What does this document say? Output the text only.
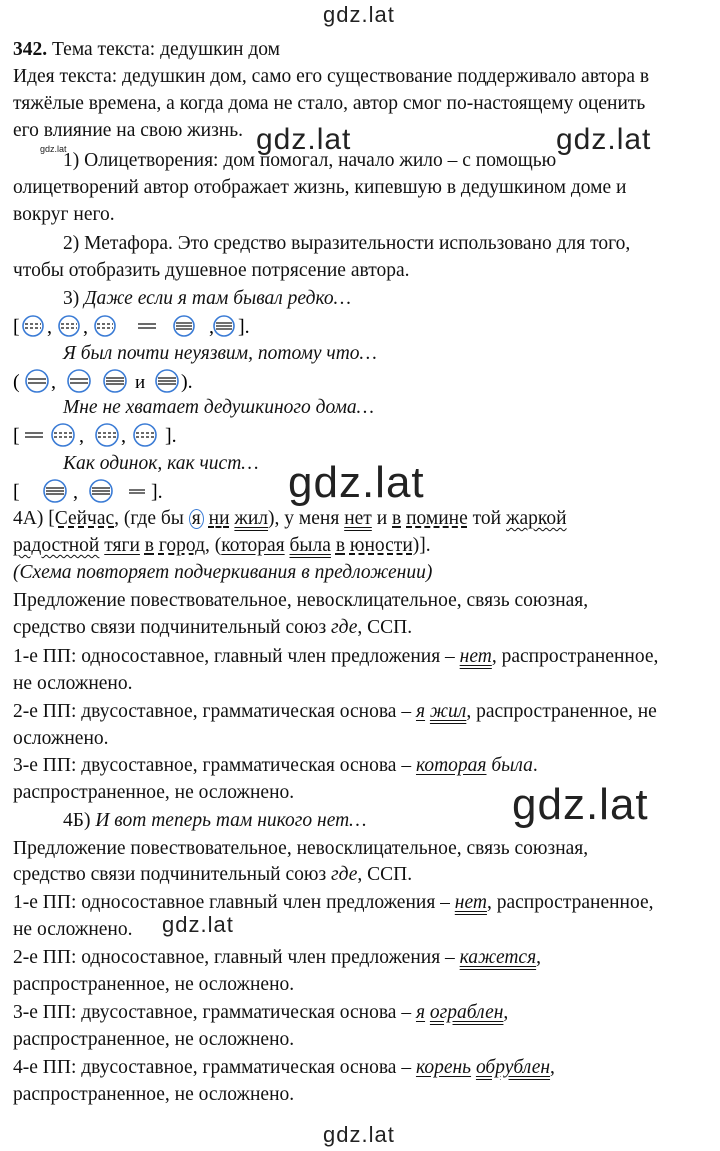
gdz.lat
gdz.lat	gdz.lat
gdz.lat
gdz.lat
gdz.lat
gdz.lat
gdz.lat
342. Тема текста: дедушкин дом
Идея текста: дедушкин дом, само его существование поддерживало автора в
тяжёлые времена, а когда дома не стало, автор смог по-настоящему оценить
его влияние на свою жизнь.
1) Олицетворения: дом помогал, начало жило – с помощью
олицетворений автор отображает жизнь, кипевшую в дедушкином доме и
вокруг него.
2) Метафора. Это средство выразительности использовано для того,
чтобы отобразить душевное потрясение автора.
3) Даже если я там бывал редко…
[ , ,	, ].
Я был почти неуязвим, потому что…
( ,	и ).
Мне не хватает дедушкиного дома…
[	, , ].
Как одинок, как чист…
[	,	].
4А) [Сейчас, (где бы я ни жил), у меня нет и в помине той жаркой
радостной тяги в город, (которая была в юности)].
(Схема повторяет подчеркивания в предложении)
Предложение повествовательное, невосклицательное, связь союзная,
средство связи подчинительный союз где, ССП.
1-е ПП: односоставное, главный член предложения – нет, распространенное,
не осложнено.
2-е ПП: двусоставное, грамматическая основа – я жил, распространенное, не
осложнено.
3-е ПП: двусоставное, грамматическая основа – которая была.
распространенное, не осложнено.
4Б) И вот теперь там никого нет…
Предложение повествовательное, невосклицательное, связь союзная,
средство связи подчинительный союз где, ССП.
1-е ПП: односоставное главный член предложения – нет, распространенное,
не осложнено.
2-е ПП: односоставное, главный член предложения – кажется,
распространенное, не осложнено.
3-е ПП: двусоставное, грамматическая основа – я ограблен,
распространенное, не осложнено.
4-е ПП: двусоставное, грамматическая основа – корень обрублен,
распространенное, не осложнено.
